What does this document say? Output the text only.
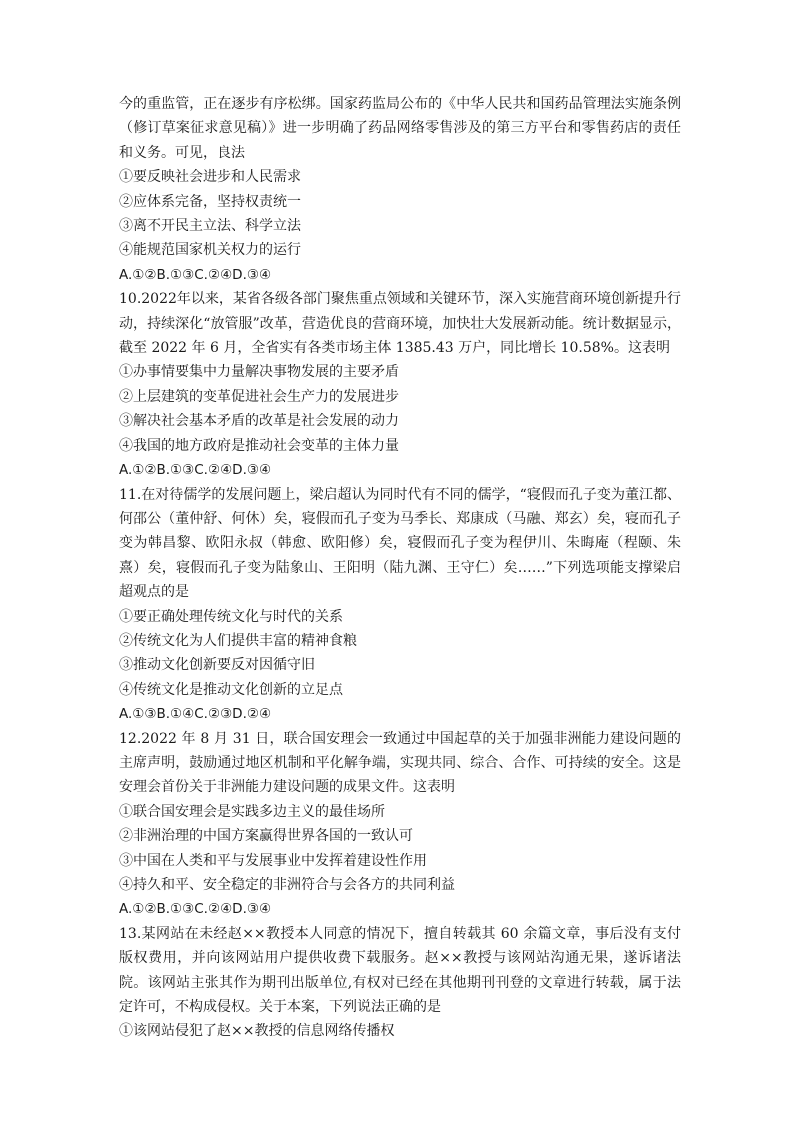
今的重监管，正在逐步有序松绑。国家药监局公布的《中华人民共和国药品管理法实施条例（修订草案征求意见稿）》进一步明确了药品网络零售涉及的第三方平台和零售药店的责任和义务。可见，良法

①要反映社会进步和人民需求

②应体系完备，坚持权责统一

③离不开民主立法、科学立法

④能规范国家机关权力的运行

A.①②B.①③C.②④D.③④

10.2022年以来，某省各级各部门聚焦重点领域和关键环节，深入实施营商环境创新提升行动，持续深化“放管服”改革，营造优良的营商环境，加快壮大发展新动能。统计数据显示，截至 2022 年 6 月，全省实有各类市场主体 1385.43 万户，同比增长 10.58%。这表明

①办事情要集中力量解决事物发展的主要矛盾

②上层建筑的变革促进社会生产力的发展进步

③解决社会基本矛盾的改革是社会发展的动力

④我国的地方政府是推动社会变革的主体力量

A.①②B.①③C.②④D.③④

11.在对待儒学的发展问题上，梁启超认为同时代有不同的儒学，“寝假而孔子变为董江都、何邵公（董仲舒、何休）矣，寝假而孔子变为马季长、郑康成（马融、郑玄）矣，寝而孔子变为韩昌黎、欧阳永叔（韩愈、欧阳修）矣，寝假而孔子变为程伊川、朱晦庵（程颐、朱熹）矣，寝假而孔子变为陆象山、王阳明（陆九渊、王守仁）矣……”下列选项能支撑梁启超观点的是

①要正确处理传统文化与时代的关系

②传统文化为人们提供丰富的精神食粮

③推动文化创新要反对因循守旧

④传统文化是推动文化创新的立足点

A.①③B.①④C.②③D.②④

12.2022 年 8 月 31 日，联合国安理会一致通过中国起草的关于加强非洲能力建设问题的主席声明，鼓励通过地区机制和平化解争端，实现共同、综合、合作、可持续的安全。这是安理会首份关于非洲能力建设问题的成果文件。这表明

①联合国安理会是实践多边主义的最佳场所

②非洲治理的中国方案赢得世界各国的一致认可

③中国在人类和平与发展事业中发挥着建设性作用

④持久和平、安全稳定的非洲符合与会各方的共同利益

A.①②B.①③C.②④D.③④

13.某网站在未经赵××教授本人同意的情况下，擅自转载其 60 余篇文章，事后没有支付版权费用，并向该网站用户提供收费下载服务。赵××教授与该网站沟通无果，遂诉诸法院。该网站主张其作为期刊出版单位,有权对已经在其他期刊刊登的文章进行转载，属于法定许可，不构成侵权。关于本案，下列说法正确的是

①该网站侵犯了赵××教授的信息网络传播权
